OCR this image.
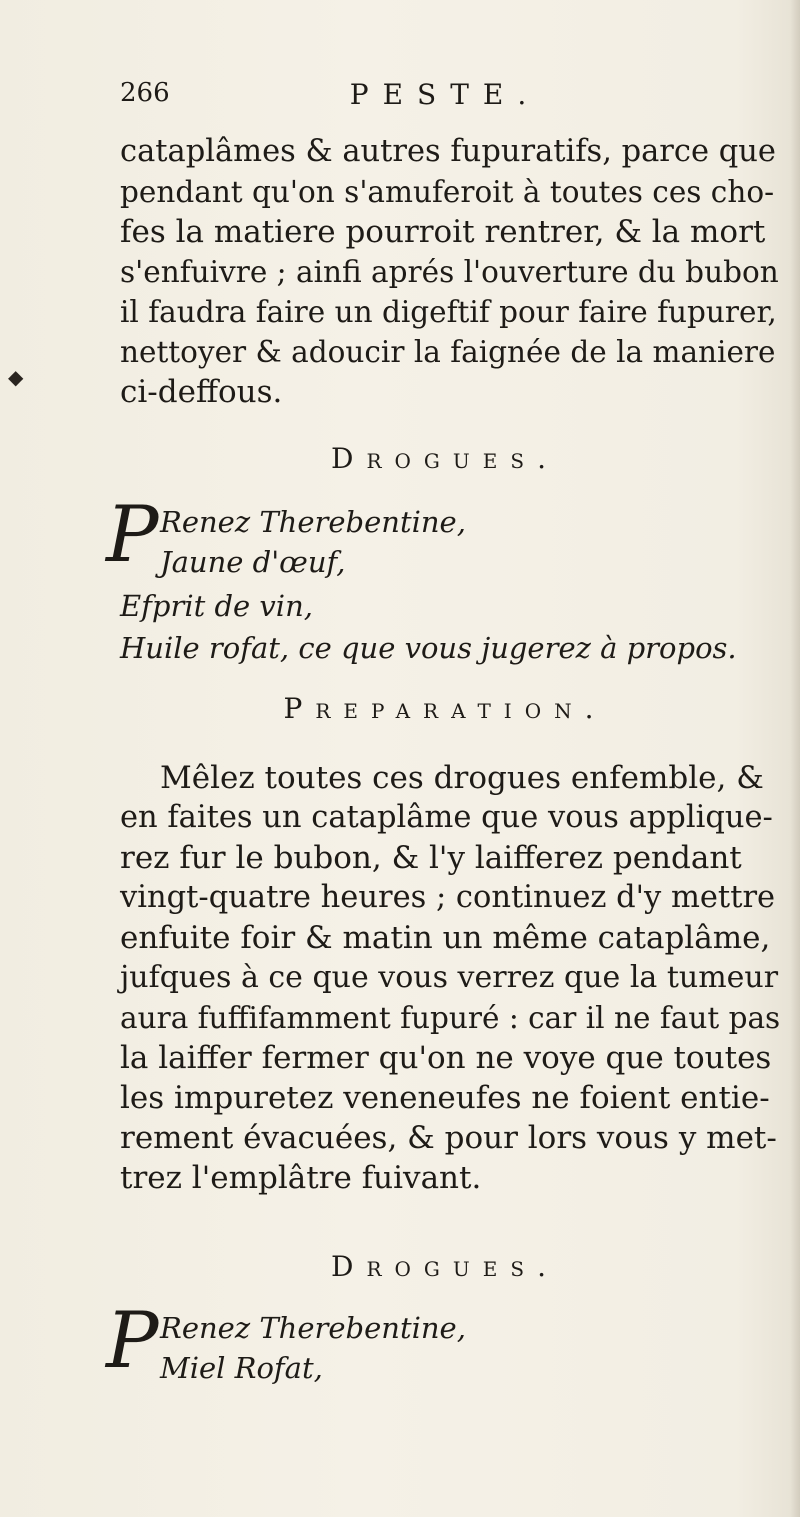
◆
266	PESTE.
cataplâmes & autres fupuratifs, parce que
pendant qu'on s'amuferoit à toutes ces cho-
fes la matiere pourroit rentrer, & la mort
s'enfuivre ; ainfi aprés l'ouverture du bubon
il faudra faire un digeftif pour faire fupurer,
nettoyer & adoucir la faignée de la maniere
ci-deffous.
Drogues.
P Renez Therebentine,
Jaune d'œuf,
Efprit de vin,
Huile rofat, ce que vous jugerez à propos.
Preparation.
Mêlez toutes ces drogues enfemble, &
en faites un cataplâme que vous applique-
rez fur le bubon, & l'y laifferez pendant
vingt-quatre heures ; continuez d'y mettre
enfuite foir & matin un même cataplâme,
jufques à ce que vous verrez que la tumeur
aura fuffifamment fupuré : car il ne faut pas
la laiffer fermer qu'on ne voye que toutes
les impuretez veneneufes ne foient entie-
rement évacuées, & pour lors vous y met-
trez l'emplâtre fuivant.
Drogues.
P Renez Therebentine,
Miel Rofat,
